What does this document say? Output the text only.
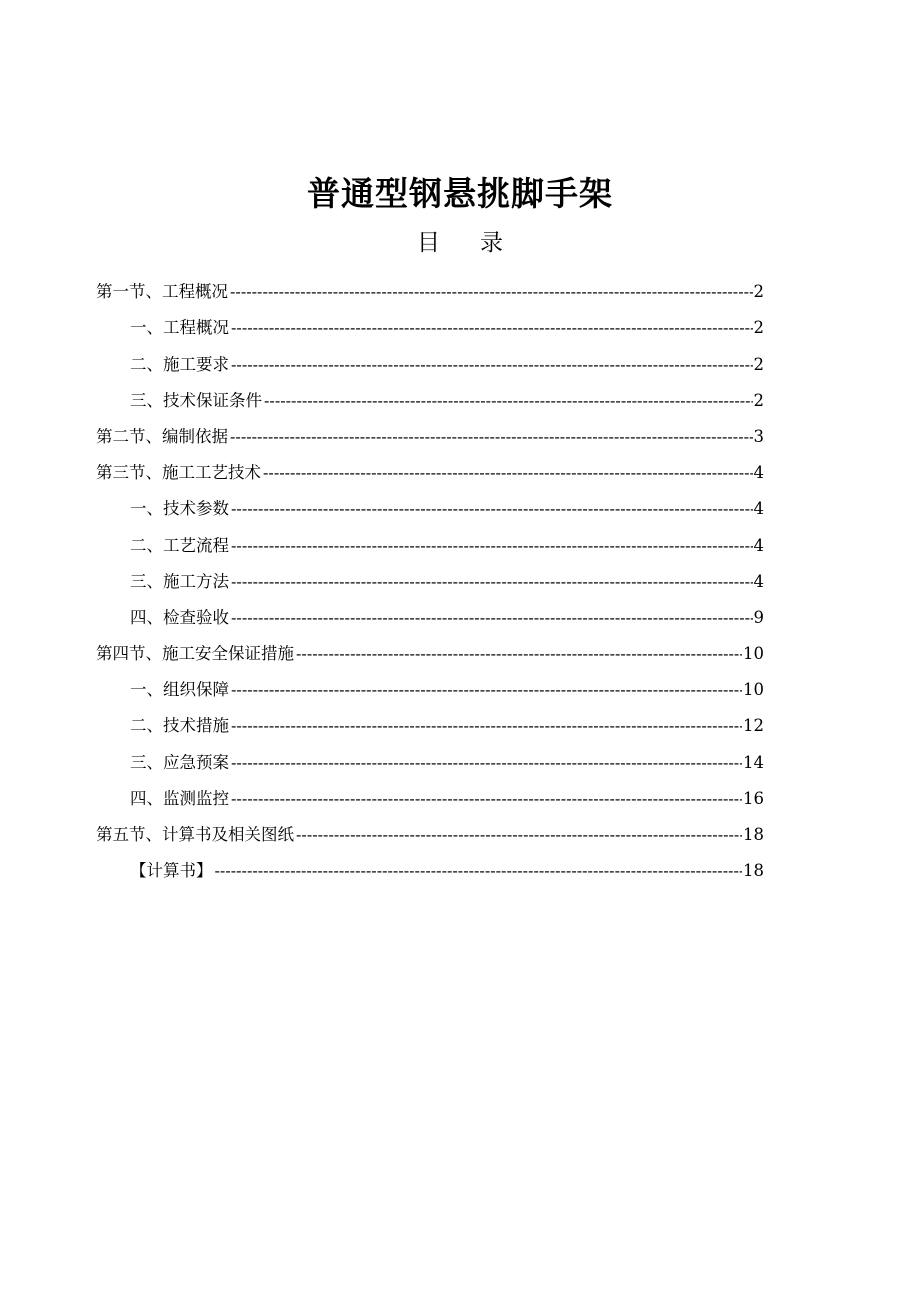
普通型钢悬挑脚手架
目 录
第一节、工程概况 -----	2
一、工程概况 -----	2
二、施工要求 -----	2
三、技术保证条件 -----	2
第二节、编制依据 -----	3
第三节、施工工艺技术 -----	4
一、技术参数 -----	4
二、工艺流程 -----	4
三、施工方法 -----	4
四、检查验收 -----	9
第四节、施工安全保证措施 -----	10
一、组织保障 -----	10
二、技术措施 -----	12
三、应急预案 -----	14
四、监测监控 -----	16
第五节、计算书及相关图纸 -----	18
【计算书】 -----	18
